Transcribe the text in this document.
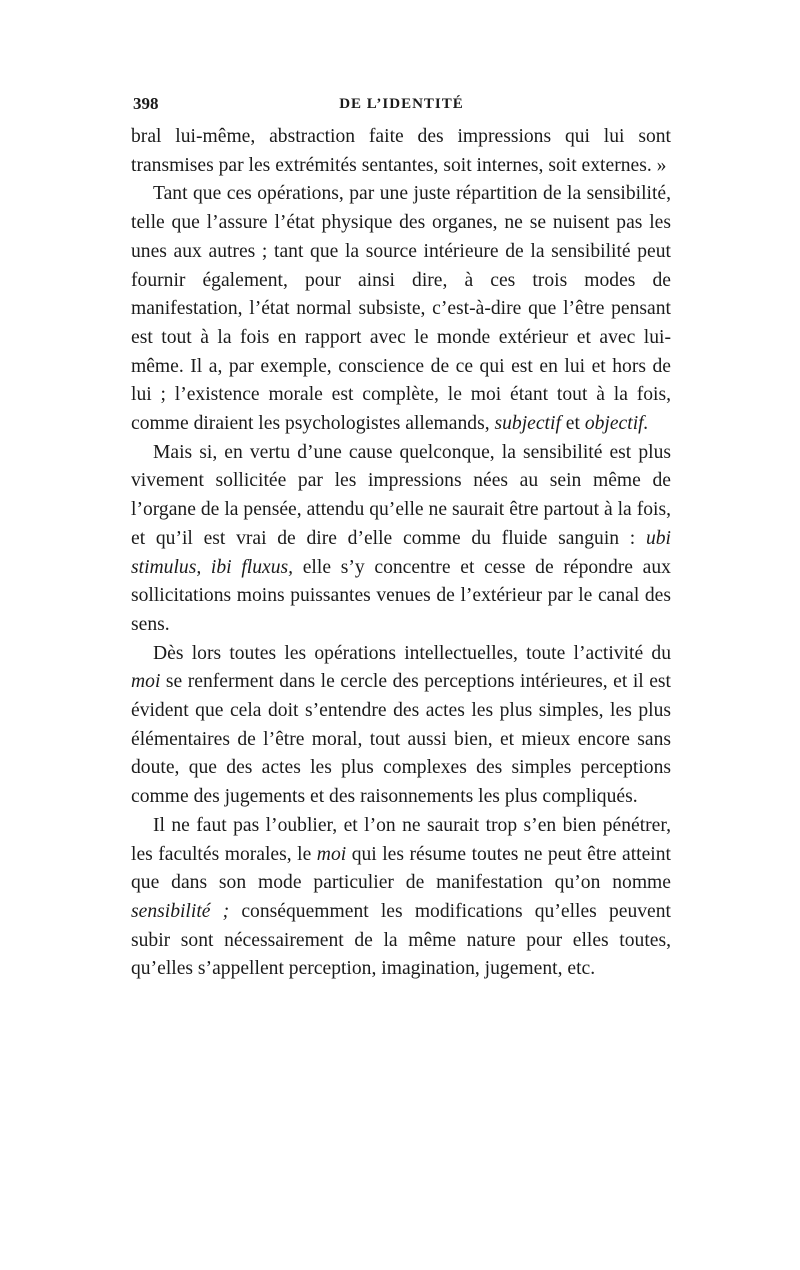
398	DE L’IDENTITÉ

bral lui-même, abstraction faite des impressions qui lui sont transmises par les extrémités sentantes, soit internes, soit externes. »

Tant que ces opérations, par une juste répartition de la sensibilité, telle que l’assure l’état physique des organes, ne se nuisent pas les unes aux autres ; tant que la source intérieure de la sensibilité peut fournir également, pour ainsi dire, à ces trois modes de manifestation, l’état normal subsiste, c’est-à-dire que l’être pensant est tout à la fois en rapport avec le monde extérieur et avec lui-même. Il a, par exemple, conscience de ce qui est en lui et hors de lui ; l’existence morale est complète, le moi étant tout à la fois, comme diraient les psychologistes allemands, subjectif et objectif.

Mais si, en vertu d’une cause quelconque, la sensibilité est plus vivement sollicitée par les impressions nées au sein même de l’organe de la pensée, attendu qu’elle ne saurait être partout à la fois, et qu’il est vrai de dire d’elle comme du fluide sanguin : ubi stimulus, ibi fluxus, elle s’y concentre et cesse de répondre aux sollicitations moins puissantes venues de l’extérieur par le canal des sens.

Dès lors toutes les opérations intellectuelles, toute l’activité du moi se renferment dans le cercle des perceptions intérieures, et il est évident que cela doit s’entendre des actes les plus simples, les plus élémentaires de l’être moral, tout aussi bien, et mieux encore sans doute, que des actes les plus complexes des simples perceptions comme des jugements et des raisonnements les plus compliqués.

Il ne faut pas l’oublier, et l’on ne saurait trop s’en bien pénétrer, les facultés morales, le moi qui les résume toutes ne peut être atteint que dans son mode particulier de manifestation qu’on nomme sensibilité ; conséquemment les modifications qu’elles peuvent subir sont nécessairement de la même nature pour elles toutes, qu’elles s’appellent perception, imagination, jugement, etc.
